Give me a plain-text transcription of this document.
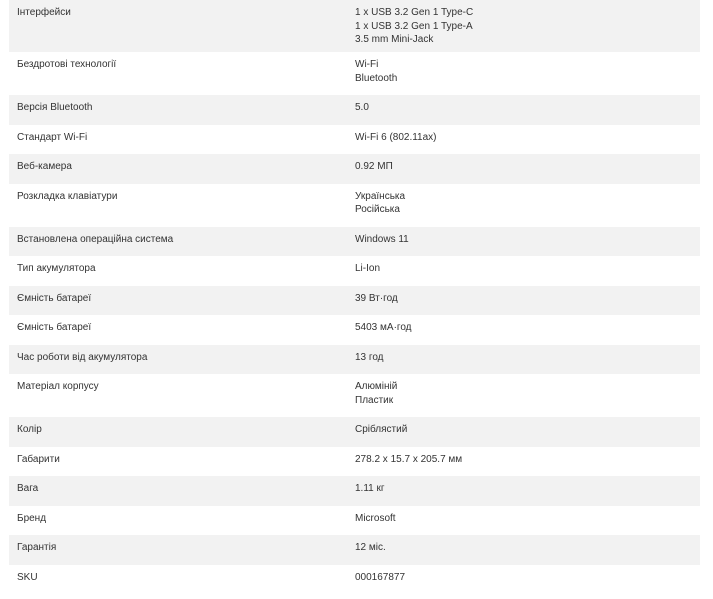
Інтерфейси	1 x USB 3.2 Gen 1 Type-C
1 x USB 3.2 Gen 1 Type-A
3.5 mm Mini-Jack
Бездротові технології	Wi-Fi
Bluetooth
Версія Bluetooth	5.0
Стандарт Wi-Fi	Wi-Fi 6 (802.11ax)
Веб-камера	0.92 МП
Розкладка клавіатури	Українська
Російська
Встановлена операційна система	Windows 11
Тип акумулятора	Li-Ion
Ємність батареї	39 Вт·год
Ємність батареї	5403 мА·год
Час роботи від акумулятора	13 год
Матеріал корпусу	Алюміній
Пластик
Колір	Сріблястий
Габарити	278.2 x 15.7 x 205.7 мм
Вага	1.11 кг
Бренд	Microsoft
Гарантія	12 міс.
SKU	000167877
